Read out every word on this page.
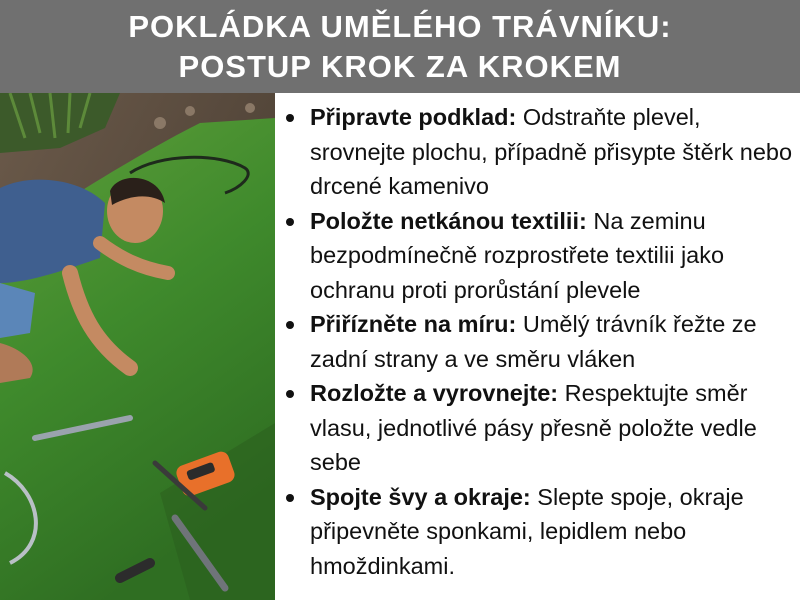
POKLÁDKA UMĚLÉHO TRÁVNÍKU:
POSTUP KROK ZA KROKEM
Připravte podklad: Odstraňte plevel, srovnejte plochu, případně přisypte štěrk nebo drcené kamenivo
Položte netkánou textilii: Na zeminu bezpodmínečně rozprostřete textilii jako ochranu proti prorůstání plevele
Přiřízněte na míru: Umělý trávník řežte ze zadní strany a ve směru vláken
Rozložte a vyrovnejte: Respektujte směr vlasu, jednotlivé pásy přesně položte vedle sebe
Spojte švy a okraje: Slepte spoje, okraje připevněte sponkami, lepidlem nebo hmoždinkami.
